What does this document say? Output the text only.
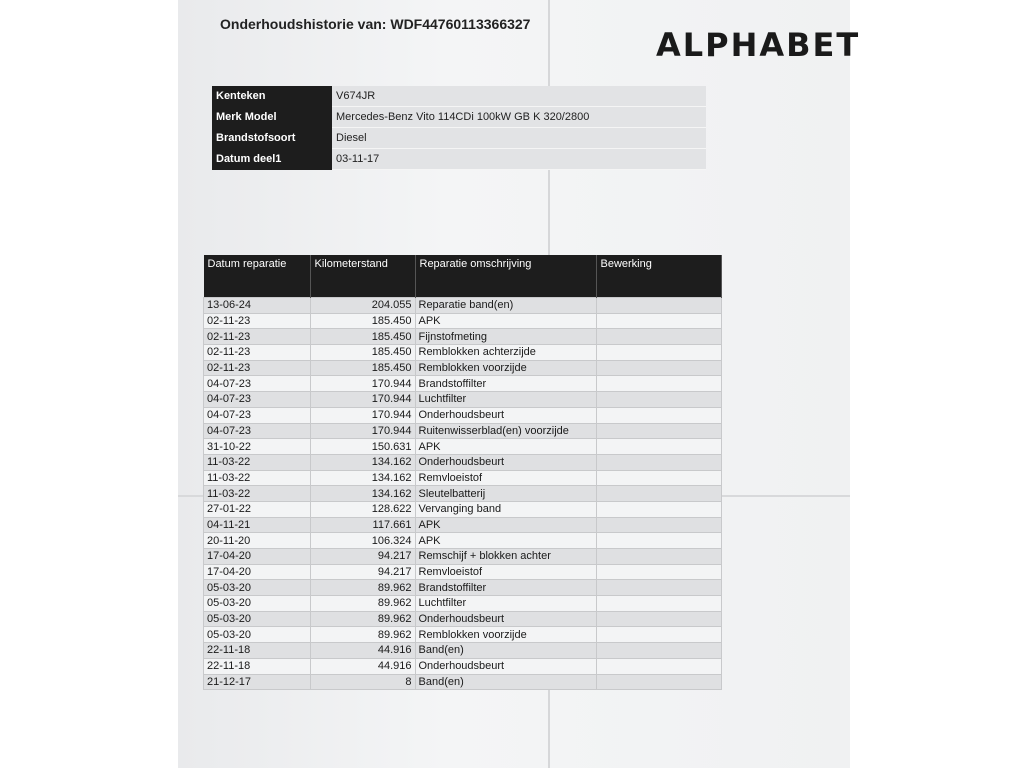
Onderhoudshistorie van: WDF44760113366327
ALPHABET
Kenteken	V674JR
Merk Model	Mercedes-Benz Vito 114CDi 100kW GB K 320/2800
Brandstofsoort	Diesel
Datum deel1	03-11-17
Datum reparatie	Kilometerstand	Reparatie omschrijving	Bewerking
13-06-24	204.055	Reparatie band(en)	
02-11-23	185.450	APK	
02-11-23	185.450	Fijnstofmeting	
02-11-23	185.450	Remblokken achterzijde	
02-11-23	185.450	Remblokken voorzijde	
04-07-23	170.944	Brandstoffilter	
04-07-23	170.944	Luchtfilter	
04-07-23	170.944	Onderhoudsbeurt	
04-07-23	170.944	Ruitenwisserblad(en) voorzijde	
31-10-22	150.631	APK	
11-03-22	134.162	Onderhoudsbeurt	
11-03-22	134.162	Remvloeistof	
11-03-22	134.162	Sleutelbatterij	
27-01-22	128.622	Vervanging band	
04-11-21	117.661	APK	
20-11-20	106.324	APK	
17-04-20	94.217	Remschijf + blokken achter	
17-04-20	94.217	Remvloeistof	
05-03-20	89.962	Brandstoffilter	
05-03-20	89.962	Luchtfilter	
05-03-20	89.962	Onderhoudsbeurt	
05-03-20	89.962	Remblokken voorzijde	
22-11-18	44.916	Band(en)	
22-11-18	44.916	Onderhoudsbeurt	
21-12-17	8	Band(en)	
